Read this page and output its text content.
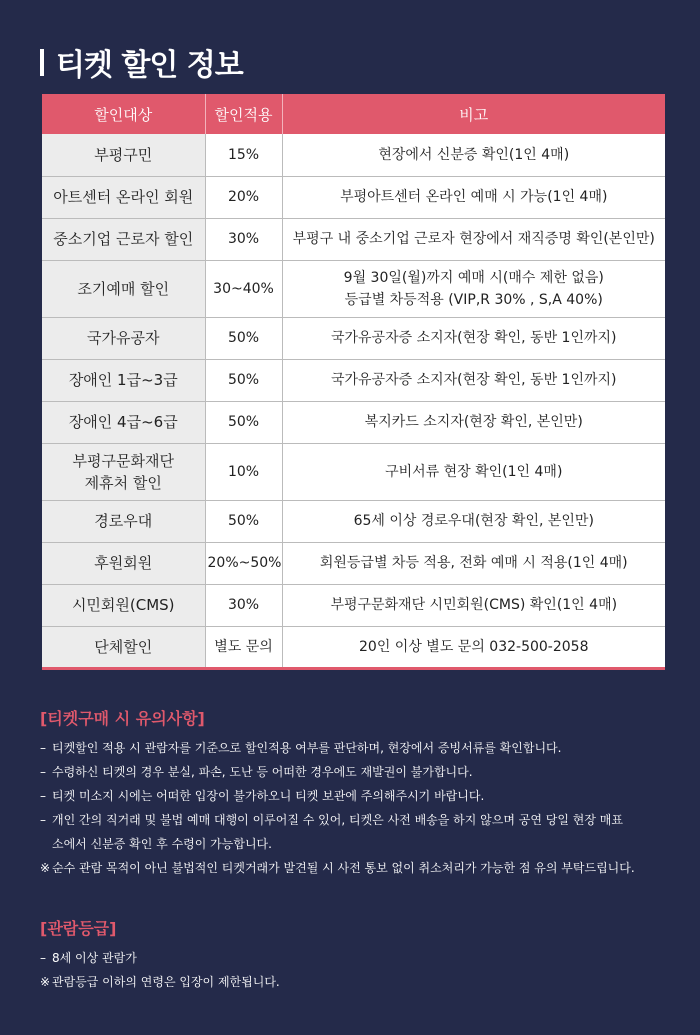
티켓 할인 정보
할인대상	할인적용	비고

부평구민	15%	현장에서 신분증 확인(1인 4매)

아트센터 온라인 회원	20%	부평아트센터 온라인 예매 시 가능(1인 4매)

중소기업 근로자 할인	30%	부평구 내 중소기업 근로자 현장에서 재직증명 확인(본인만)

조기예매 할인	30~40%	9월 30일(월)까지 예매 시(매수 제한 없음)
등급별 차등적용 (VIP,R 30% , S,A 40%)

국가유공자	50%	국가유공자증 소지자(현장 확인, 동반 1인까지)

장애인 1급~3급	50%	국가유공자증 소지자(현장 확인, 동반 1인까지)

장애인 4급~6급	50%	복지카드 소지자(현장 확인, 본인만)

부평구문화재단
제휴처 할인	10%	구비서류 현장 확인(1인 4매)

경로우대	50%	65세 이상 경로우대(현장 확인, 본인만)

후원회원	20%~50%	회원등급별 차등 적용, 전화 예매 시 적용(1인 4매)

시민회원(CMS)	30%	부평구문화재단 시민회원(CMS) 확인(1인 4매)

단체할인	별도 문의	20인 이상 별도 문의 032-500-2058
[티켓구매 시 유의사항]
– 티켓할인 적용 시 관람자를 기준으로 할인적용 여부를 판단하며, 현장에서 증빙서류를 확인합니다.
– 수령하신 티켓의 경우 분실, 파손, 도난 등 어떠한 경우에도 재발권이 불가합니다.
– 티켓 미소지 시에는 어떠한 입장이 불가하오니 티켓 보관에 주의해주시기 바랍니다.
– 개인 간의 직거래 및 불법 예매 대행이 이루어질 수 있어, 티켓은 사전 배송을 하지 않으며 공연 당일 현장 매표
소에서 신분증 확인 후 수령이 가능합니다.
※ 순수 관람 목적이 아닌 불법적인 티켓거래가 발견될 시 사전 통보 없이 취소처리가 가능한 점 유의 부탁드립니다.
[관람등급]
– 8세 이상 관람가
※ 관람등급 이하의 연령은 입장이 제한됩니다.
